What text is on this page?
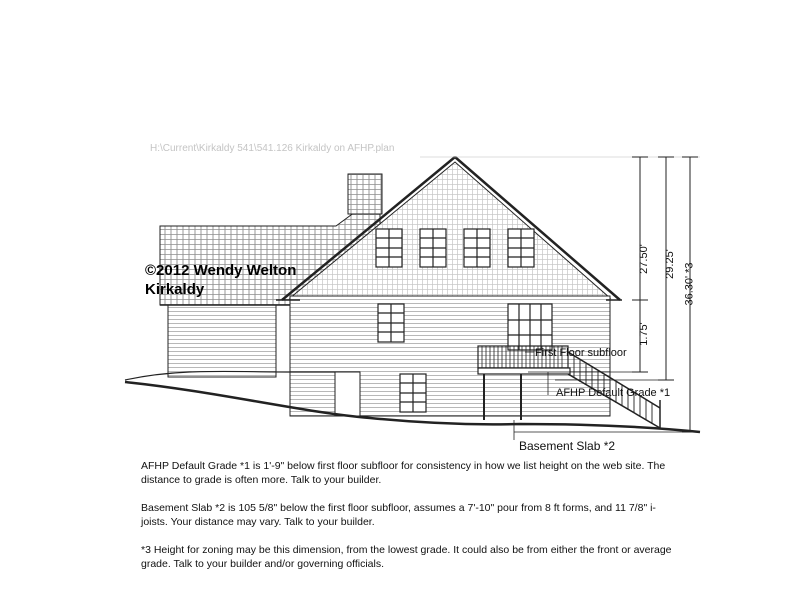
H:\Current\Kirkaldy 541\541.126 Kirkaldy on AFHP.plan
©2012 Wendy Welton
Kirkaldy
First Floor subfloor
AFHP Default Grade *1
Basement Slab *2
1.75'
27.50' 29.25' 36.30' *3

AFHP Default Grade *1 is 1'-9" below first floor subfloor for consistency in how we list height on the web site. The distance to grade is often more. Talk to your builder.

Basement Slab *2 is 105 5/8" below the first floor subfloor, assumes a 7'-10" pour from 8 ft forms, and 11 7/8" i-joists. Your distance may vary. Talk to your builder.

*3 Height for zoning may be this dimension, from the lowest grade. It could also be from either the front or average grade. Talk to your builder and/or governing officials.
